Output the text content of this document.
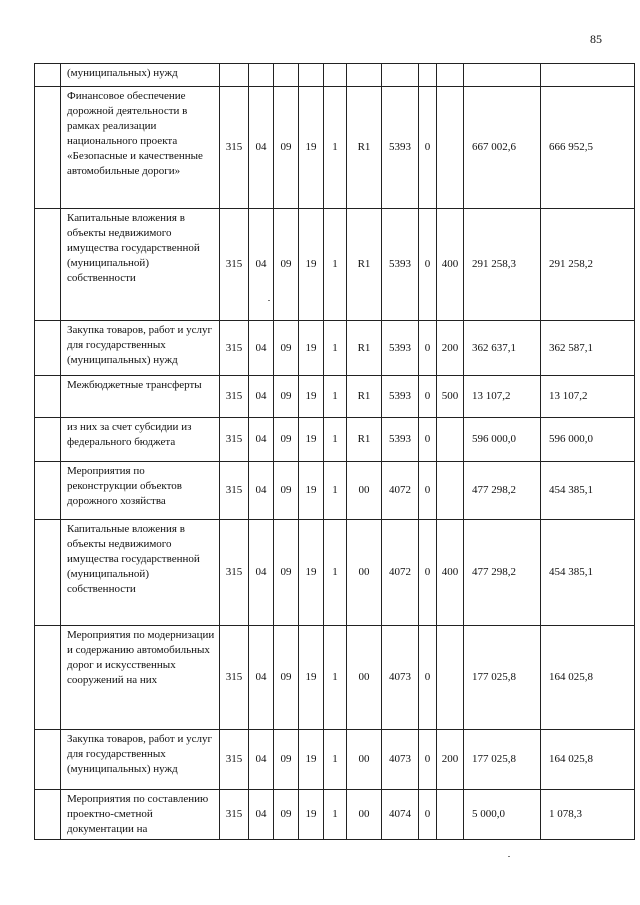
85
	(муниципальных) нужд											
	Финансовое обеспечение дорожной деятельности в рамках реализации национального проекта «Безопасные и качественные автомобильные дороги»	315	04	09	19	1	R1	5393	0		667 002,6	666 952,5
	Капитальные вложения в объекты недвижимого имущества государственной (муниципальной) собственности	315	04	09	19	1	R1	5393	0	400	291 258,3	291 258,2
	Закупка товаров, работ и услуг для государственных (муниципальных) нужд	315	04	09	19	1	R1	5393	0	200	362 637,1	362 587,1
	Межбюджетные трансферты	315	04	09	19	1	R1	5393	0	500	13 107,2	13 107,2
	из них за счет субсидии из федерального бюджета	315	04	09	19	1	R1	5393	0		596 000,0	596 000,0
	Мероприятия по реконструкции объектов дорожного хозяйства	315	04	09	19	1	00	4072	0		477 298,2	454 385,1
	Капитальные вложения в объекты недвижимого имущества государственной (муниципальной) собственности	315	04	09	19	1	00	4072	0	400	477 298,2	454 385,1
	Мероприятия по модернизации и содержанию автомобильных дорог и искусственных сооружений на них	315	04	09	19	1	00	4073	0		177 025,8	164 025,8
	Закупка товаров, работ и услуг для государственных (муниципальных) нужд	315	04	09	19	1	00	4073	0	200	177 025,8	164 025,8
	Мероприятия по составлению проектно-сметной документации на	315	04	09	19	1	00	4074	0		5 000,0	1 078,3
